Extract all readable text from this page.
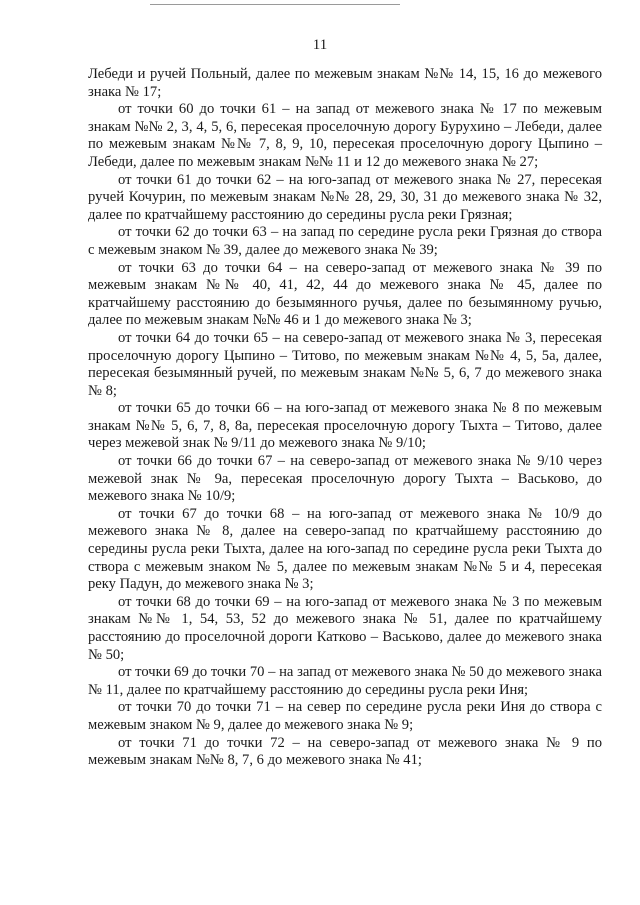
11

Лебеди и ручей Польный, далее по межевым знакам №№ 14, 15, 16 до межевого знака № 17;

от точки 60 до точки 61 – на запад от межевого знака № 17 по межевым знакам №№ 2, 3, 4, 5, 6, пересекая проселочную дорогу Бурухино – Лебеди, далее по межевым знакам №№ 7, 8, 9, 10, пересекая проселочную дорогу Цыпино – Лебеди, далее по межевым знакам №№ 11 и 12 до межевого знака № 27;

от точки 61 до точки 62 – на юго-запад от межевого знака № 27, пересекая ручей Кочурин, по межевым знакам №№ 28, 29, 30, 31 до межевого знака № 32, далее по кратчайшему расстоянию до середины русла реки Грязная;

от точки 62 до точки 63 – на запад по середине русла реки Грязная до створа с межевым знаком № 39, далее до межевого знака № 39;

от точки 63 до точки 64 – на северо-запад от межевого знака № 39 по межевым знакам №№ 40, 41, 42, 44 до межевого знака № 45, далее по кратчайшему расстоянию до безымянного ручья, далее по безымянному ручью, далее по межевым знакам №№ 46 и 1 до межевого знака № 3;

от точки 64 до точки 65 – на северо-запад от межевого знака № 3, пересекая проселочную дорогу Цыпино – Титово, по межевым знакам №№ 4, 5, 5а, далее, пересекая безымянный ручей, по межевым знакам №№ 5, 6, 7 до межевого знака № 8;

от точки 65 до точки 66 – на юго-запад от межевого знака № 8 по межевым знакам №№ 5, 6, 7, 8, 8а, пересекая проселочную дорогу Тыхта – Титово, далее через межевой знак № 9/11 до межевого знака № 9/10;

от точки 66 до точки 67 – на северо-запад от межевого знака № 9/10 через межевой знак № 9а, пересекая проселочную дорогу Тыхта – Васьково, до межевого знака № 10/9;

от точки 67 до точки 68 – на юго-запад от межевого знака № 10/9 до межевого знака № 8, далее на северо-запад по кратчайшему расстоянию до середины русла реки Тыхта, далее на юго-запад по середине русла реки Тыхта до створа с межевым знаком № 5, далее по межевым знакам №№ 5 и 4, пересекая реку Падун, до межевого знака № 3;

от точки 68 до точки 69 – на юго-запад от межевого знака № 3 по межевым знакам №№ 1, 54, 53, 52 до межевого знака № 51, далее по кратчайшему расстоянию до проселочной дороги Катково – Васьково, далее до межевого знака № 50;

от точки 69 до точки 70 – на запад от межевого знака № 50 до межевого знака № 11, далее по кратчайшему расстоянию до середины русла реки Иня;

от точки 70 до точки 71 – на север по середине русла реки Иня до створа с межевым знаком № 9, далее до межевого знака № 9;

от точки 71 до точки 72 – на северо-запад от межевого знака № 9 по межевым знакам №№ 8, 7, 6 до межевого знака № 41;
